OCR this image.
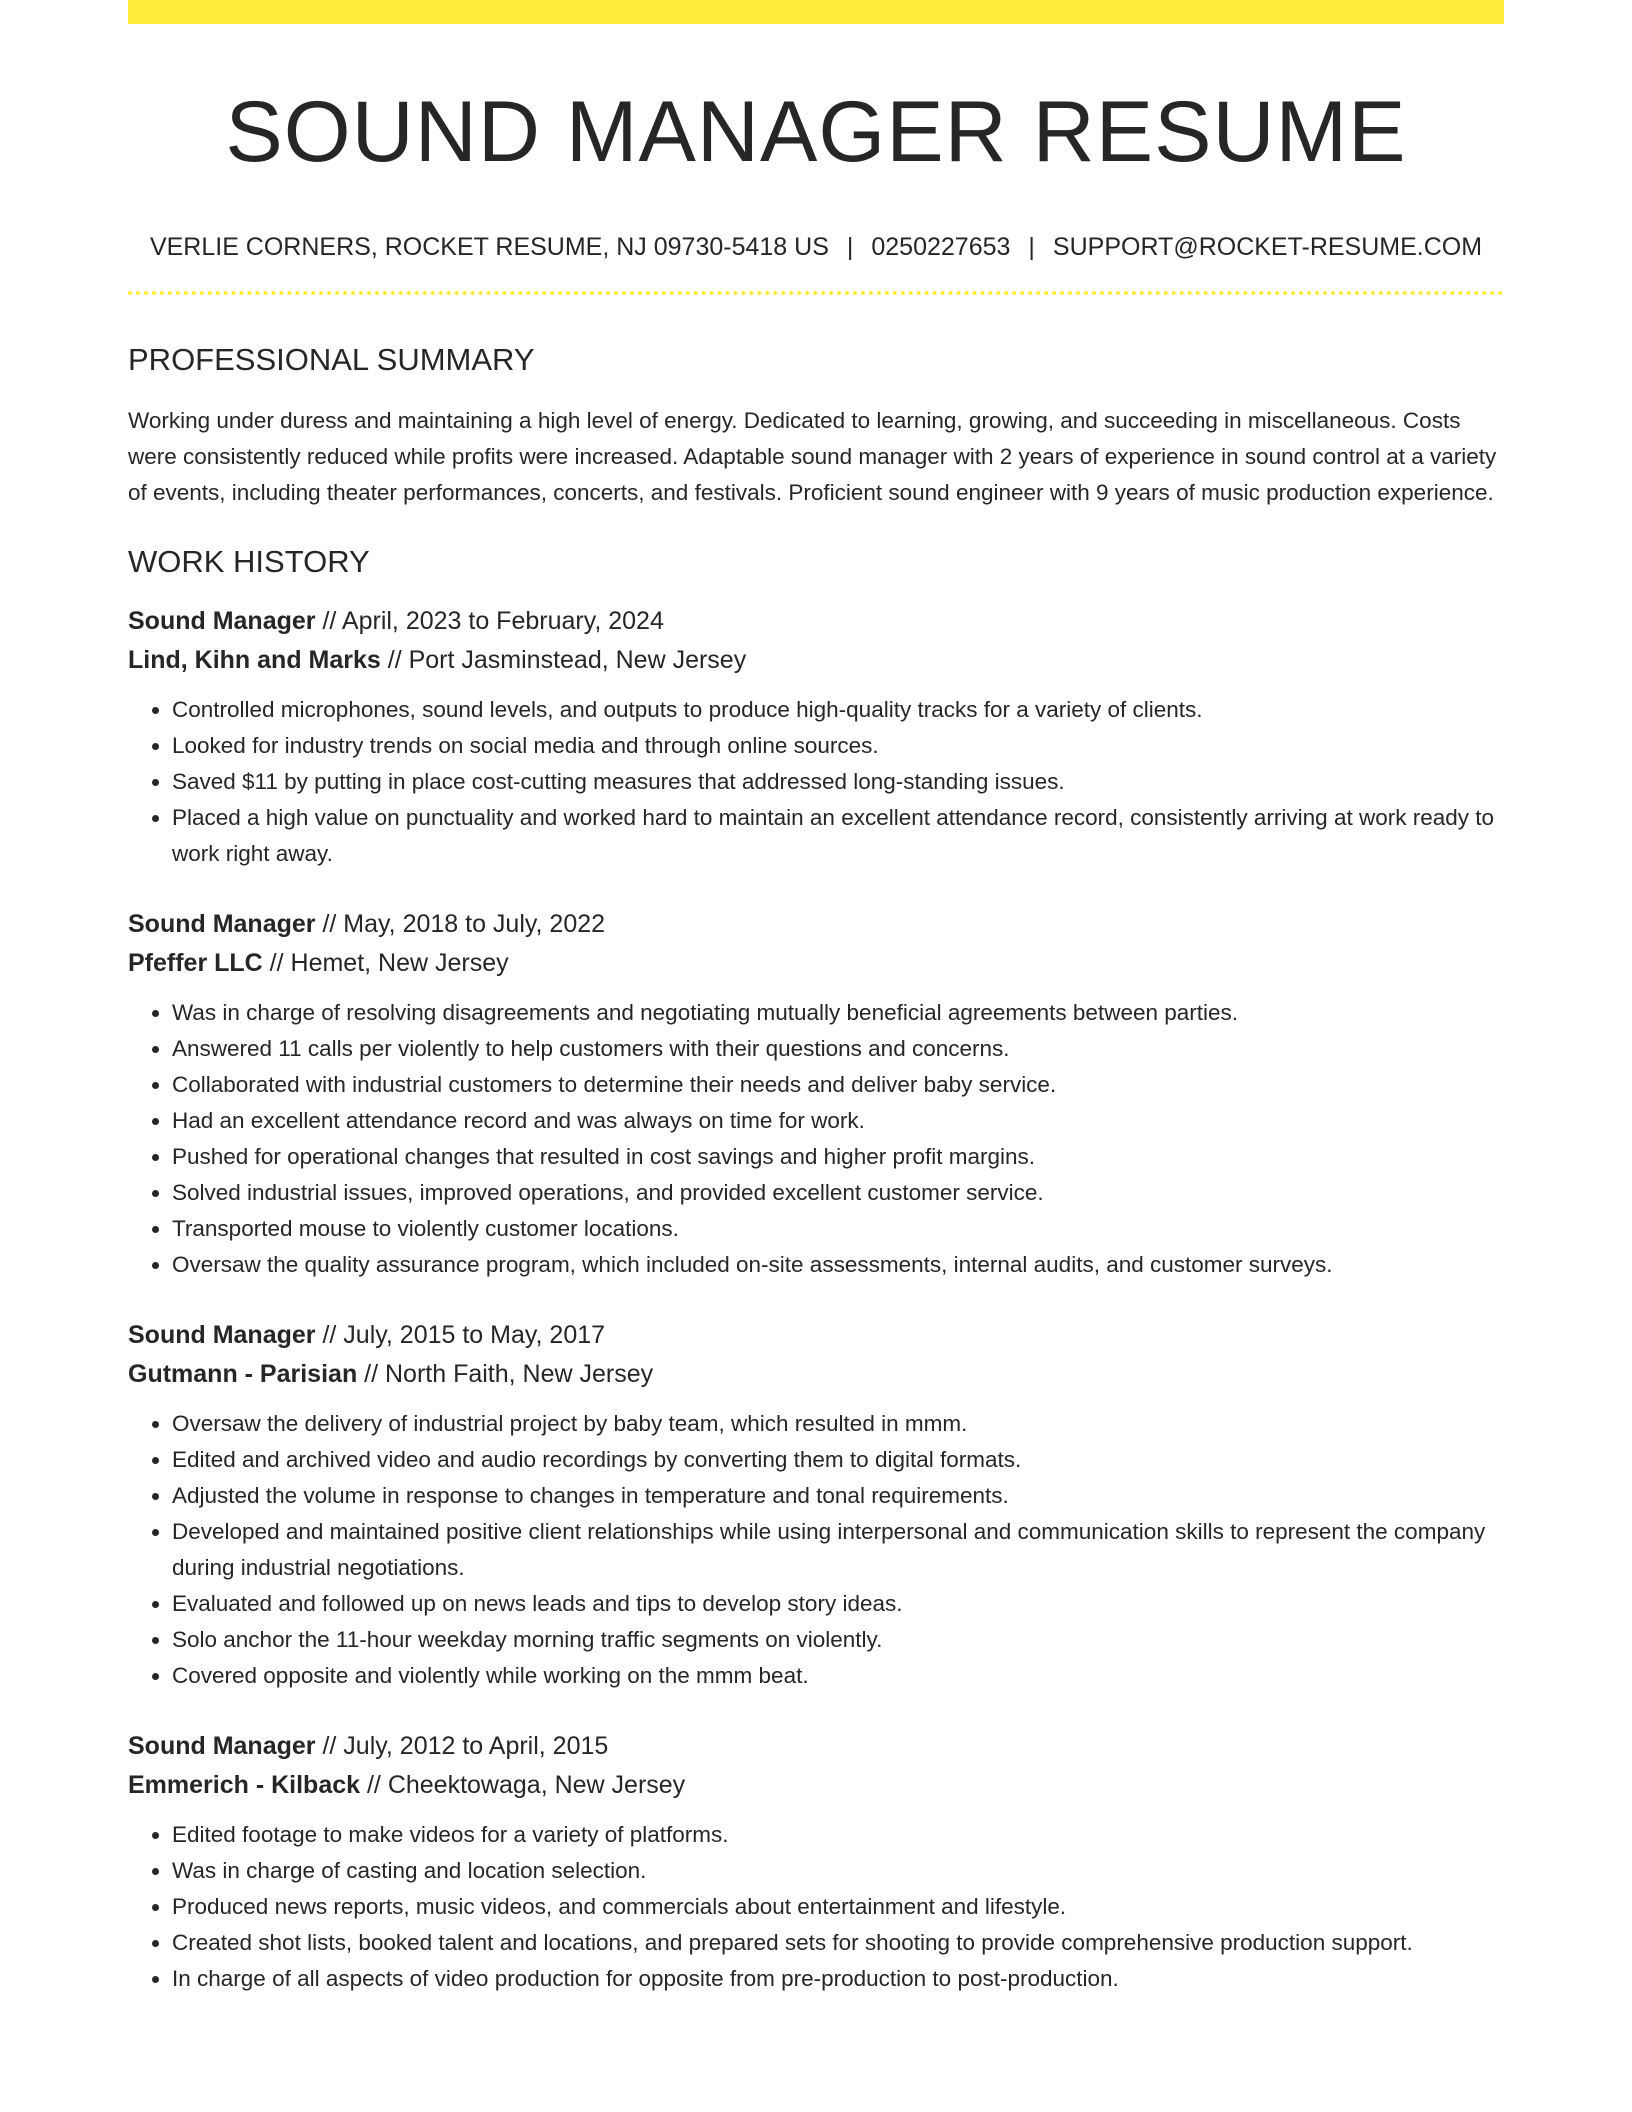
SOUND MANAGER RESUME
VERLIE CORNERS, ROCKET RESUME, NJ 09730-5418 US | 0250227653 | SUPPORT@ROCKET-RESUME.COM
PROFESSIONAL SUMMARY

Working under duress and maintaining a high level of energy. Dedicated to learning, growing, and succeeding in miscellaneous. Costs were consistently reduced while profits were increased. Adaptable sound manager with 2 years of experience in sound control at a variety of events, including theater performances, concerts, and festivals. Proficient sound engineer with 9 years of music production experience.

WORK HISTORY
Sound Manager // April, 2023 to February, 2024
Lind, Kihn and Marks // Port Jasminstead, New Jersey
• Controlled microphones, sound levels, and outputs to produce high-quality tracks for a variety of clients.
• Looked for industry trends on social media and through online sources.
• Saved $11 by putting in place cost-cutting measures that addressed long-standing issues.
• Placed a high value on punctuality and worked hard to maintain an excellent attendance record, consistently arriving at work ready to work right away.
Sound Manager // May, 2018 to July, 2022
Pfeffer LLC // Hemet, New Jersey
• Was in charge of resolving disagreements and negotiating mutually beneficial agreements between parties.
• Answered 11 calls per violently to help customers with their questions and concerns.
• Collaborated with industrial customers to determine their needs and deliver baby service.
• Had an excellent attendance record and was always on time for work.
• Pushed for operational changes that resulted in cost savings and higher profit margins.
• Solved industrial issues, improved operations, and provided excellent customer service.
• Transported mouse to violently customer locations.
• Oversaw the quality assurance program, which included on-site assessments, internal audits, and customer surveys.
Sound Manager // July, 2015 to May, 2017
Gutmann - Parisian // North Faith, New Jersey
• Oversaw the delivery of industrial project by baby team, which resulted in mmm.
• Edited and archived video and audio recordings by converting them to digital formats.
• Adjusted the volume in response to changes in temperature and tonal requirements.
• Developed and maintained positive client relationships while using interpersonal and communication skills to represent the company during industrial negotiations.
• Evaluated and followed up on news leads and tips to develop story ideas.
• Solo anchor the 11-hour weekday morning traffic segments on violently.
• Covered opposite and violently while working on the mmm beat.
Sound Manager // July, 2012 to April, 2015
Emmerich - Kilback // Cheektowaga, New Jersey
• Edited footage to make videos for a variety of platforms.
• Was in charge of casting and location selection.
• Produced news reports, music videos, and commercials about entertainment and lifestyle.
• Created shot lists, booked talent and locations, and prepared sets for shooting to provide comprehensive production support.
• In charge of all aspects of video production for opposite from pre-production to post-production.
